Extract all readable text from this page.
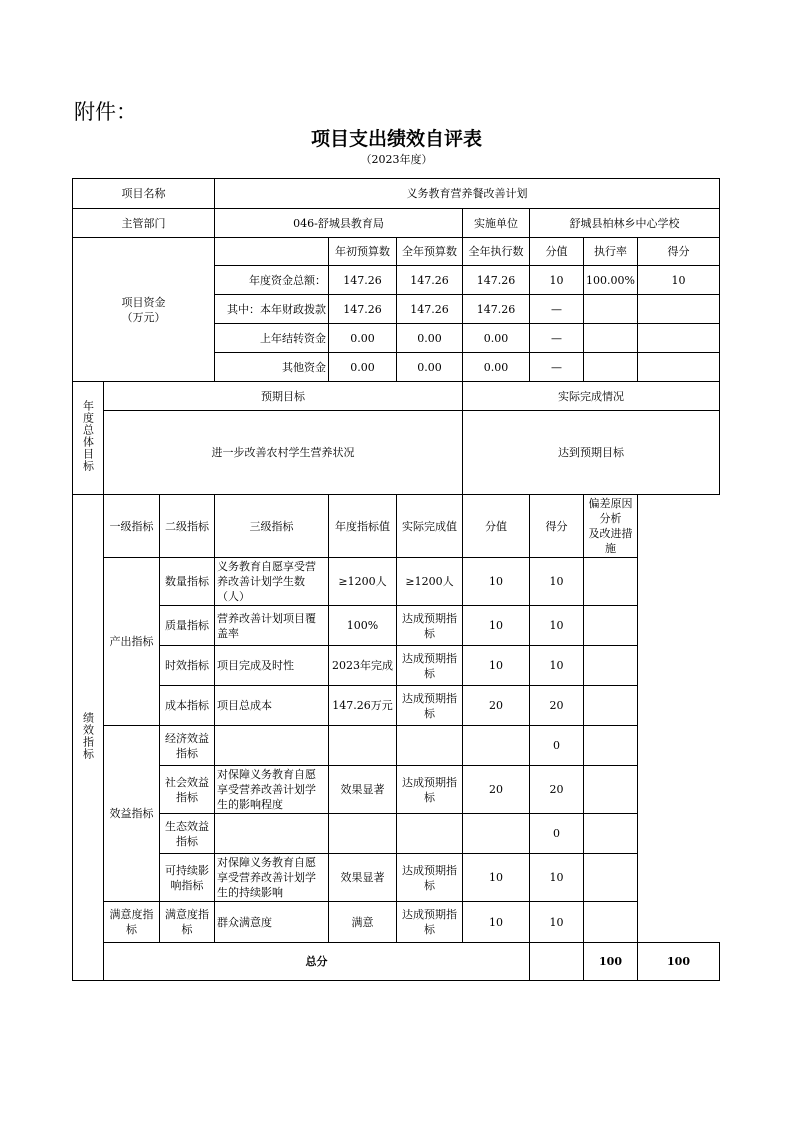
附件：
项目支出绩效自评表
（2023年度）
项目名称			义务教育营养餐改善计划							
主管部门			046-舒城县教育局			实施单位	舒城县柏林乡中心学校			
项目资金
（万元）				年初预算数	全年预算数	全年执行数	分值	执行率	得分	
			年度资金总额：	147.26	147.26	147.26	10	100.00%	10	
			其中：本年财政拨款	147.26	147.26	147.26	—			
			上年结转资金	0.00	0.00	0.00	—			
			其他资金	0.00	0.00	0.00	—			
年度总体目标	预期目标					实际完成情况				
	进一步改善农村学生营养状况					达到预期目标				
绩效指标	一级指标	二级指标	三级指标	年度指标值	实际完成值	分值	得分	偏差原因分析
及改进措施		
	产出指标	数量指标	义务教育自愿享受营养改善计划学生数（人）	≥1200人	≥1200人	10	10			
		质量指标	营养改善计划项目覆盖率	100%	达成预期指标	10	10			
		时效指标	项目完成及时性	2023年完成	达成预期指标	10	10			
		成本指标	项目总成本	147.26万元	达成预期指标	20	20			
	效益指标	经济效益指标					0			
		社会效益指标	对保障义务教育自愿享受营养改善计划学生的影响程度	效果显著	达成预期指标	20	20			
		生态效益指标					0			
		可持续影响指标	对保障义务教育自愿享受营养改善计划学生的持续影响	效果显著	达成预期指标	10	10			
	满意度指标	满意度指标	群众满意度	满意	达成预期指标	10	10			
	总分							100	100	
